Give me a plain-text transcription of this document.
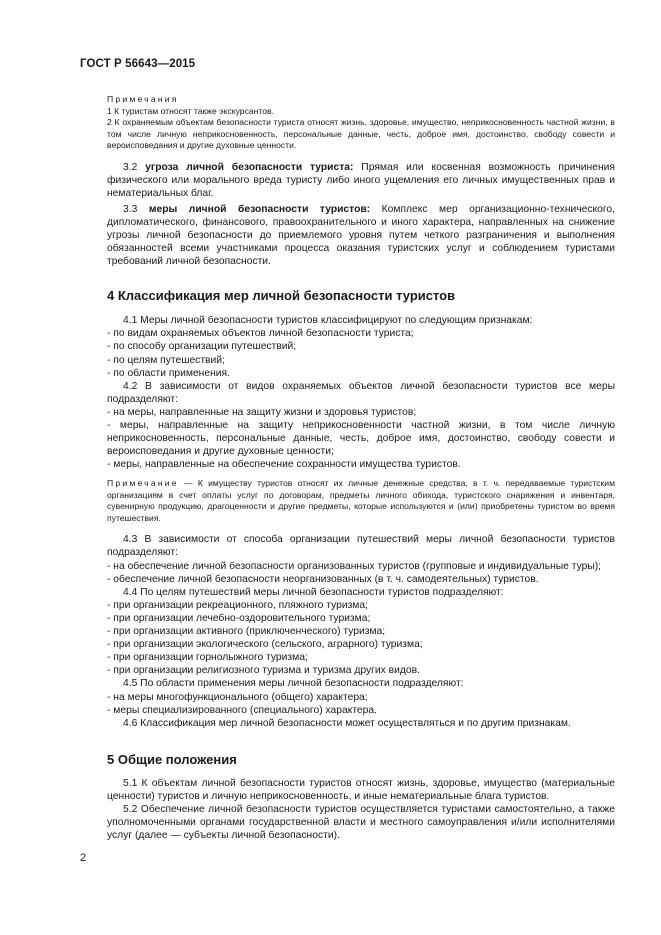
ГОСТ Р 56643—2015

Примечания

1 К туристам относят также экскурсантов.

2 К охраняемым объектам безопасности туриста относят жизнь, здоровье, имущество, неприкосновенность частной жизни, в том числе личную неприкосновенность, персональные данные, честь, доброе имя, достоинство, свободу совести и вероисповедания и другие духовные ценности.

3.2 угроза личной безопасности туриста: Прямая или косвенная возможность причинения физического или морального вреда туристу либо иного ущемления его личных имущественных прав и нематериальных благ.

3.3 меры личной безопасности туристов: Комплекс мер организационно-технического, дипломатического, финансового, правоохранительного и иного характера, направленных на снижение угрозы личной безопасности до приемлемого уровня путем четкого разграничения и выполнения обязанностей всеми участниками процесса оказания туристских услуг и соблюдением туристами требований личной безопасности.

4 Классификация мер личной безопасности туристов

4.1 Меры личной безопасности туристов классифицируют по следующим признакам:

- по видам охраняемых объектов личной безопасности туриста;

- по способу организации путешествий;

- по целям путешествий;

- по области применения.

4.2 В зависимости от видов охраняемых объектов личной безопасности туристов все меры подразделяют:

- на меры, направленные на защиту жизни и здоровья туристов;

- меры, направленные на защиту неприкосновенности частной жизни, в том числе личную неприкосновенность, персональные данные, честь, доброе имя, достоинство, свободу совести и вероисповедания и другие духовные ценности;

- меры, направленные на обеспечение сохранности имущества туристов.

Примечание — К имуществу туристов относят их личные денежные средства, в т. ч. передаваемые туристским организациям в счет оплаты услуг по договорам, предметы личного обихода, туристского снаряжения и инвентаря, сувенирную продукцию, драгоценности и другие предметы, которые используются и (или) приобретены туристом во время путешествия.

4.3 В зависимости от способа организации путешествий меры личной безопасности туристов подразделяют:

- на обеспечение личной безопасности организованных туристов (групповые и индивидуальные туры);

- обеспечение личной безопасности неорганизованных (в т. ч. самодеятельных) туристов.

4.4 По целям путешествий меры личной безопасности туристов подразделяют:

- при организации рекреационного, пляжного туризма;

- при организации лечебно-оздоровительного туризма;

- при организации активного (приключенческого) туризма;

- при организации экологического (сельского, аграрного) туризма;

- при организации горнолыжного туризма;

- при организации религиозного туризма и туризма других видов.

4.5 По области применения меры личной безопасности подразделяют:

- на меры многофункционального (общего) характера;

- меры специализированного (специального) характера.

4.6 Классификация мер личной безопасности может осуществляться и по другим признакам.

5 Общие положения

5.1 К объектам личной безопасности туристов относят жизнь, здоровье, имущество (материальные ценности) туристов и личную неприкосновенность, и иные нематериальные блага туристов.

5.2 Обеспечение личной безопасности туристов осуществляется туристами самостоятельно, а также уполномоченными органами государственной власти и местного самоуправления и/или исполнителями услуг (далее — субъекты личной безопасности).

2
